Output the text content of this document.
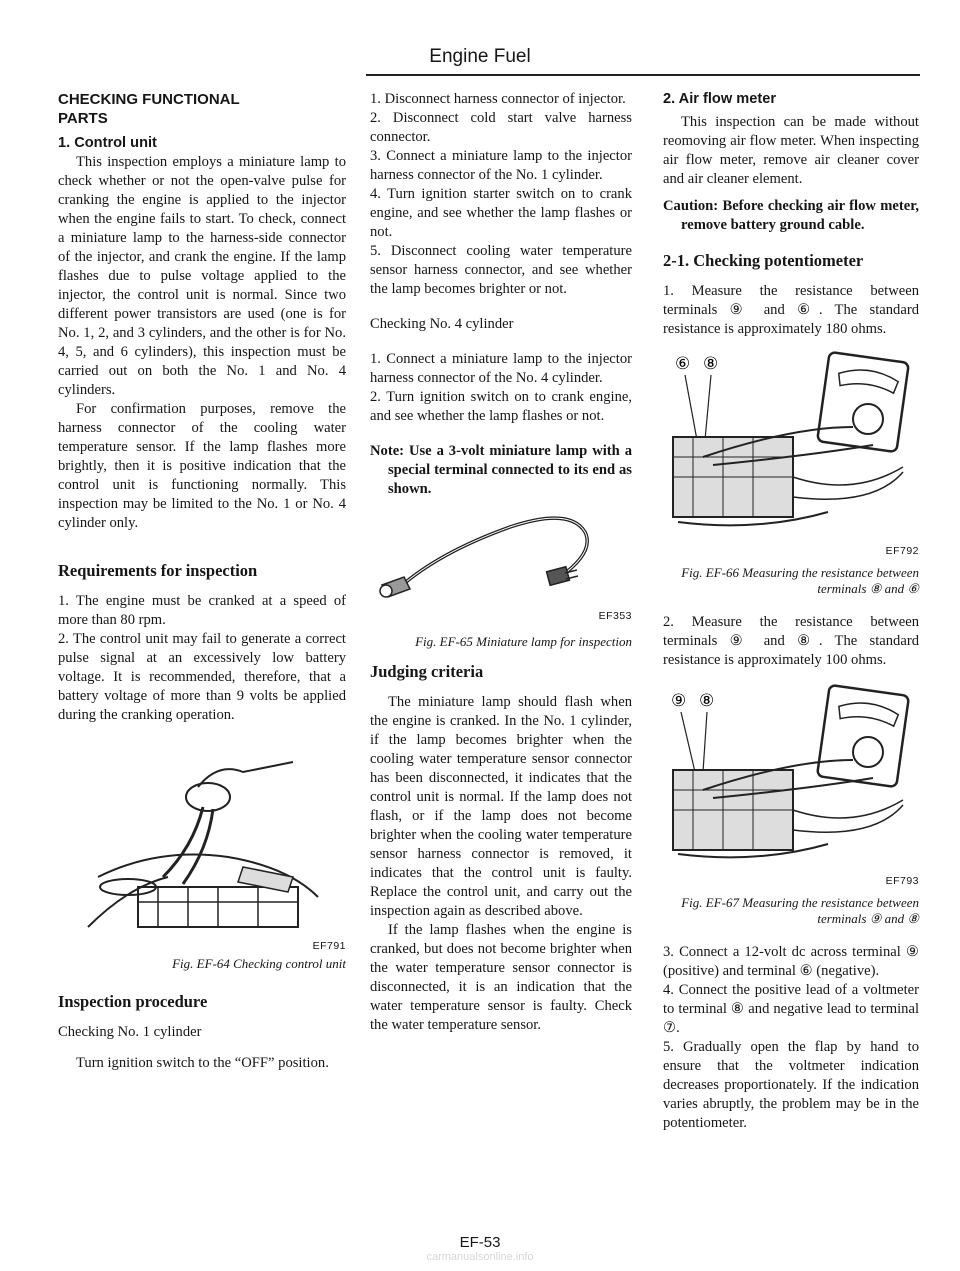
Engine Fuel
CHECKING FUNCTIONAL
PARTS
1. Control unit

This inspection employs a miniature lamp to check whether or not the open-valve pulse for cranking the engine is applied to the injector when the engine fails to start. To check, connect a miniature lamp to the harness-side connector of the injector, and crank the engine. If the lamp flashes due to pulse voltage applied to the injector, the control unit is normal. Since two different power transistors are used (one is for No. 1, 2, and 3 cylinders, and the other is for No. 4, 5, and 6 cylinders), this inspection must be carried out on both the No. 1 and No. 4 cylinders.

For confirmation purposes, remove the harness connector of the cooling water temperature sensor. If the lamp flashes more brightly, then it is positive indication that the control unit is functioning normally. This inspection may be limited to the No. 1 or No. 4 cylinder only.

Requirements for inspection

1. The engine must be cranked at a speed of more than 80 rpm.

2. The control unit may fail to generate a correct pulse signal at an excessively low battery voltage. It is recommended, therefore, that a battery voltage of more than 9 volts be applied during the cranking operation.

EF791
Fig. EF-64 Checking control unit
Inspection procedure

Checking No. 1 cylinder

Turn ignition switch to the “OFF” position.

1. Disconnect harness connector of injector.

2. Disconnect cold start valve harness connector.

3. Connect a miniature lamp to the injector harness connector of the No. 1 cylinder.

4. Turn ignition starter switch on to crank engine, and see whether the lamp flashes or not.

5. Disconnect cooling water temperature sensor harness connector, and see whether the lamp becomes brighter or not.

Checking No. 4 cylinder

1. Connect a miniature lamp to the injector harness connector of the No. 4 cylinder.

2. Turn ignition switch on to crank engine, and see whether the lamp flashes or not.

Note: Use a 3-volt miniature lamp with a special terminal connected to its end as shown.

EF353
Fig. EF-65 Miniature lamp for inspection
Judging criteria

The miniature lamp should flash when the engine is cranked. In the No. 1 cylinder, if the lamp becomes brighter when the cooling water temperature sensor connector has been disconnected, it indicates that the control unit is normal. If the lamp does not flash, or if the lamp does not become brighter when the cooling water temperature sensor harness connector is removed, it indicates that the control unit is faulty. Replace the control unit, and carry out the inspection again as described above.

If the lamp flashes when the engine is cranked, but does not become brighter when the water temperature sensor connector is disconnected, it is an indication that the water temperature sensor is faulty. Check the water temperature sensor.

2. Air flow meter

This inspection can be made without reomoving air flow meter. When inspecting air flow meter, remove air cleaner cover and air cleaner element.

Caution: Before checking air flow meter, remove battery ground cable.

2-1. Checking potentiometer

1. Measure the resistance between terminals ⑨ and ⑥. The standard resistance is approximately 180 ohms.

⑥ ⑧
EF792
Fig. EF-66 Measuring the resistance between terminals ⑧ and ⑥

2. Measure the resistance between terminals ⑨ and ⑧. The standard resistance is approximately 100 ohms.

⑨ ⑧
EF793
Fig. EF-67 Measuring the resistance between terminals ⑨ and ⑧

3. Connect a 12-volt dc across terminal ⑨ (positive) and terminal ⑥ (negative).

4. Connect the positive lead of a voltmeter to terminal ⑧ and negative lead to terminal ⑦.

5. Gradually open the flap by hand to ensure that the voltmeter indication decreases proportionately. If the indication varies abruptly, the problem may be in the potentiometer.

EF-53
carmanualsonline.info
